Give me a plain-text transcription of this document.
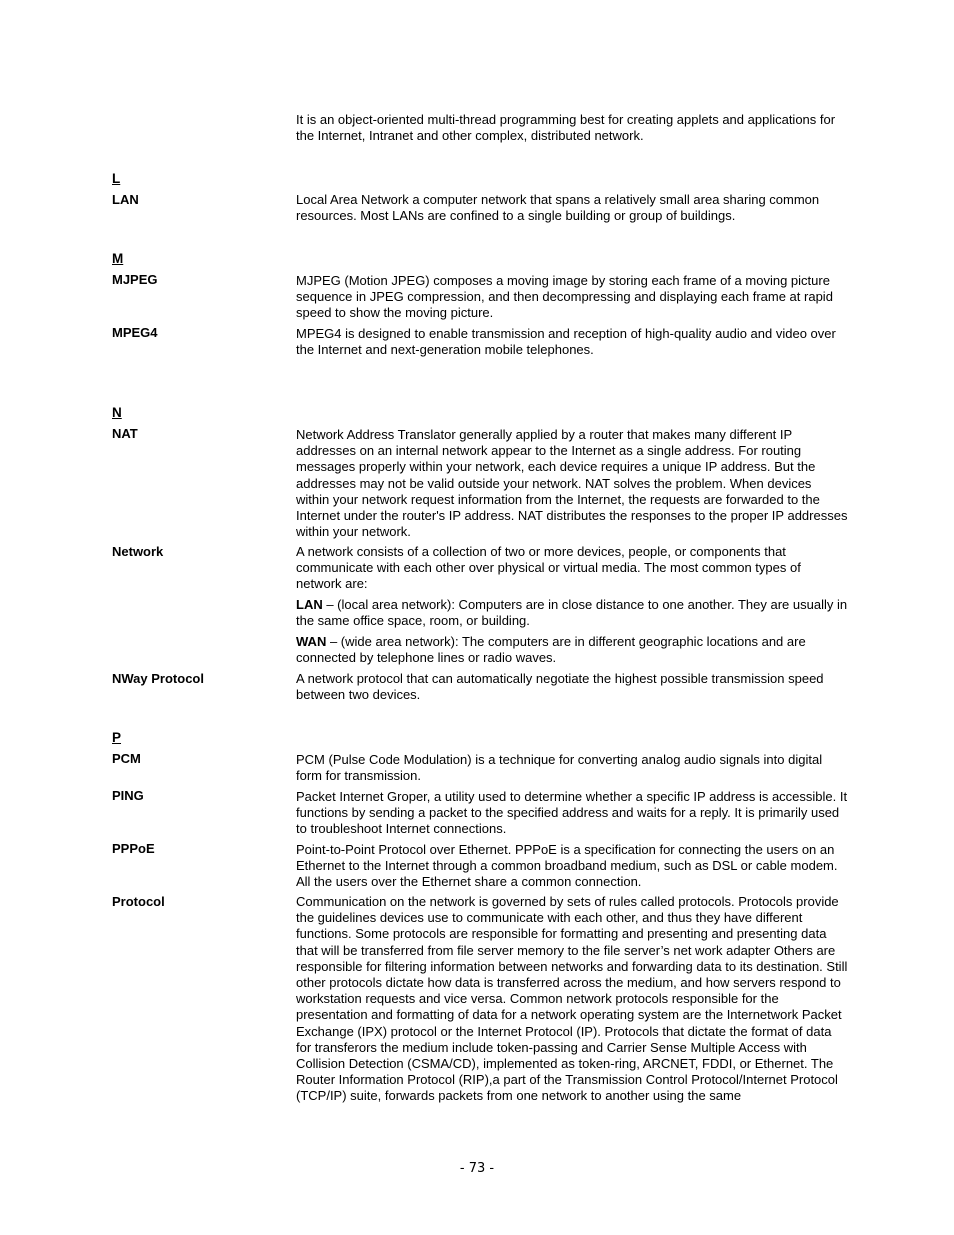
It is an object-oriented multi-thread programming best for creating applets and applications for the Internet, Intranet and other complex, distributed network.
L
LAN	Local Area Network a computer network that spans a relatively small area sharing common resources. Most LANs are confined to a single building or group of buildings.
M
MJPEG	MJPEG (Motion JPEG) composes a moving image by storing each frame of a moving picture sequence in JPEG compression, and then decompressing and displaying each frame at rapid speed to show the moving picture.
MPEG4	MPEG4 is designed to enable transmission and reception of high-quality audio and video over the Internet and next-generation mobile telephones.
N
NAT	Network Address Translator generally applied by a router that makes many different IP addresses on an internal network appear to the Internet as a single address. For routing messages properly within your network, each device requires a unique IP address. But the addresses may not be valid outside your network. NAT solves the problem. When devices within your network request information from the Internet, the requests are forwarded to the Internet under the router's IP address. NAT distributes the responses to the proper IP addresses within your network.
Network	A network consists of a collection of two or more devices, people, or components that communicate with each other over physical or virtual media. The most common types of network are:
LAN – (local area network): Computers are in close distance to one another. They are usually in the same office space, room, or building.
WAN – (wide area network): The computers are in different geographic locations and are connected by telephone lines or radio waves.
NWay Protocol	A network protocol that can automatically negotiate the highest possible transmission speed between two devices.
P
PCM	PCM (Pulse Code Modulation) is a technique for converting analog audio signals into digital form for transmission.
PING	Packet Internet Groper, a utility used to determine whether a specific IP address is accessible. It functions by sending a packet to the specified address and waits for a reply. It is primarily used to troubleshoot Internet connections.
PPPoE	Point-to-Point Protocol over Ethernet. PPPoE is a specification for connecting the users on an Ethernet to the Internet through a common broadband medium, such as DSL or cable modem. All the users over the Ethernet share a common connection.
Protocol	Communication on the network is governed by sets of rules called protocols. Protocols provide the guidelines devices use to communicate with each other, and thus they have different functions. Some protocols are responsible for formatting and presenting and presenting data that will be transferred from file server memory to the file server’s net work adapter Others are responsible for filtering information between networks and forwarding data to its destination. Still other protocols dictate how data is transferred across the medium, and how servers respond to workstation requests and vice versa. Common network protocols responsible for the presentation and formatting of data for a network operating system are the Internetwork Packet Exchange (IPX) protocol or the Internet Protocol (IP). Protocols that dictate the format of data for transferors the medium include token-passing and Carrier Sense Multiple Access with Collision Detection (CSMA/CD), implemented as token-ring, ARCNET, FDDI, or Ethernet. The Router Information Protocol (RIP),a part of the Transmission Control Protocol/Internet Protocol (TCP/IP) suite, forwards packets from one network to another using the same
- 73 -
